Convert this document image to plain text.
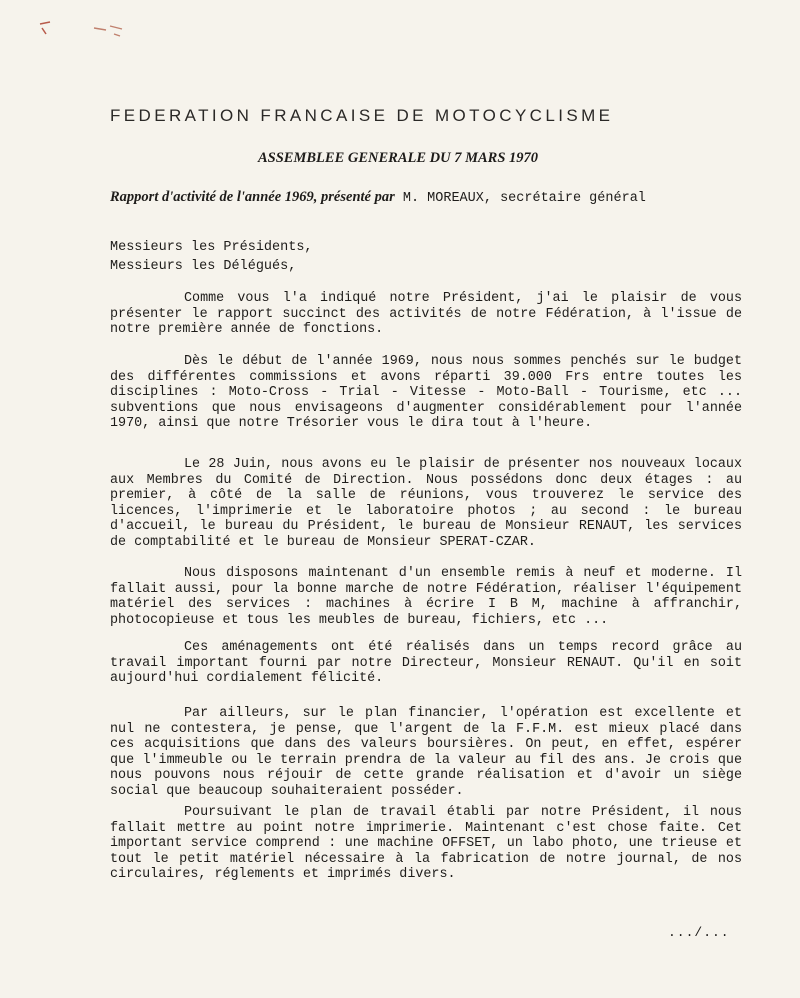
FEDERATION FRANCAISE DE MOTOCYCLISME
ASSEMBLEE GENERALE DU 7 MARS 1970
Rapport d'activité de l'année 1969, présenté par M. MOREAUX, secrétaire général
Messieurs les Présidents,
Messieurs les Délégués,
Comme vous l'a indiqué notre Président, j'ai le plaisir de vous présenter le rapport succinct des activités de notre Fédération, à l'issue de notre première année de fonctions.
Dès le début de l'année 1969, nous nous sommes penchés sur le budget des différentes commissions et avons réparti 39.000 Frs entre toutes les disciplines : Moto-Cross - Trial - Vitesse - Moto-Ball - Tourisme, etc ... subventions que nous envisageons d'augmenter considérablement pour l'année 1970, ainsi que notre Trésorier vous le dira tout à l'heure.
Le 28 Juin, nous avons eu le plaisir de présenter nos nouveaux locaux aux Membres du Comité de Direction. Nous possédons donc deux étages : au premier, à côté de la salle de réunions, vous trouverez le service des licences, l'imprimerie et le laboratoire photos ; au second : le bureau d'accueil, le bureau du Président, le bureau de Monsieur RENAUT, les services de comptabilité et le bureau de Monsieur SPERAT-CZAR.
Nous disposons maintenant d'un ensemble remis à neuf et moderne. Il fallait aussi, pour la bonne marche de notre Fédération, réaliser l'équipement matériel des services : machines à écrire I B M, machine à affranchir, photocopieuse et tous les meubles de bureau, fichiers, etc ...
Ces aménagements ont été réalisés dans un temps record grâce au travail important fourni par notre Directeur, Monsieur RENAUT. Qu'il en soit aujourd'hui cordialement félicité.
Par ailleurs, sur le plan financier, l'opération est excellente et nul ne contestera, je pense, que l'argent de la F.F.M. est mieux placé dans ces acquisitions que dans des valeurs boursières. On peut, en effet, espérer que l'immeuble ou le terrain prendra de la valeur au fil des ans. Je crois que nous pouvons nous réjouir de cette grande réalisation et d'avoir un siège social que beaucoup souhaiteraient posséder.
Poursuivant le plan de travail établi par notre Président, il nous fallait mettre au point notre imprimerie. Maintenant c'est chose faite. Cet important service comprend : une machine OFFSET, un labo photo, une trieuse et tout le petit matériel nécessaire à la fabrication de notre journal, de nos circulaires, réglements et imprimés divers.
.../...
